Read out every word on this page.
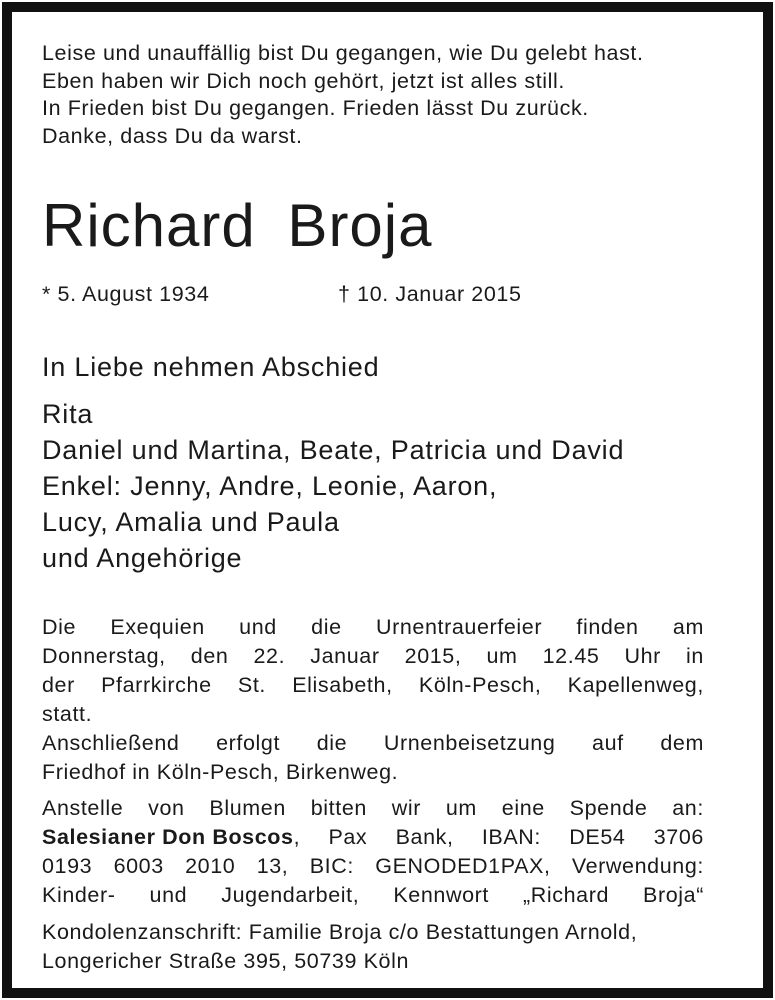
Leise und unauffällig bist Du gegangen, wie Du gelebt hast.
Eben haben wir Dich noch gehört, jetzt ist alles still.
In Frieden bist Du gegangen. Frieden lässt Du zurück.
Danke, dass Du da warst.
Richard Broja
* 5. August 1934	† 10. Januar 2015
In Liebe nehmen Abschied
Rita
Daniel und Martina, Beate, Patricia und David
Enkel: Jenny, Andre, Leonie, Aaron,
Lucy, Amalia und Paula
und Angehörige
Die Exequien und die Urnentrauerfeier finden am
Donnerstag, den 22. Januar 2015, um 12.45 Uhr in
der Pfarrkirche St. Elisabeth, Köln-Pesch, Kapellenweg,
statt.
Anschließend erfolgt die Urnenbeisetzung auf dem
Friedhof in Köln-Pesch, Birkenweg.
Anstelle von Blumen bitten wir um eine Spende an:
Salesianer Don Boscos, Pax Bank, IBAN: DE54 3706
0193 6003 2010 13, BIC: GENODED1PAX, Verwendung:
Kinder- und Jugendarbeit, Kennwort „Richard Broja“
Kondolenzanschrift: Familie Broja c/o Bestattungen Arnold,
Longericher Straße 395, 50739 Köln
